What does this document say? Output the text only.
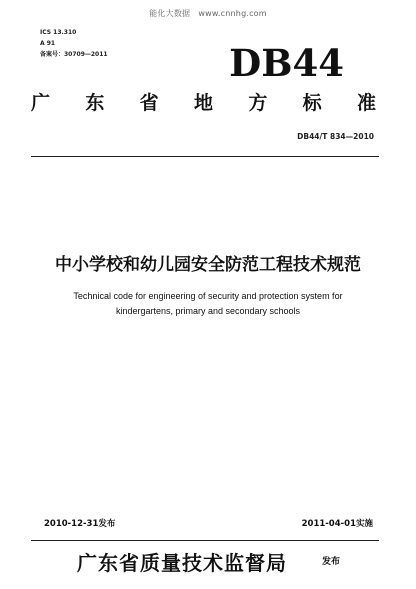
能化大数据　www.cnnhg.com
ICS 13.310
A 91
备案号：30709—2011	DB44
广 东 省 地 方 标 准
DB44/T 834—2010
中小学校和幼儿园安全防范工程技术规范
Technical code for engineering of security and protection system for
kindergartens, primary and secondary schools
2010-12-31发布	2011-04-01实施
广东省质量技术监督局	发布
